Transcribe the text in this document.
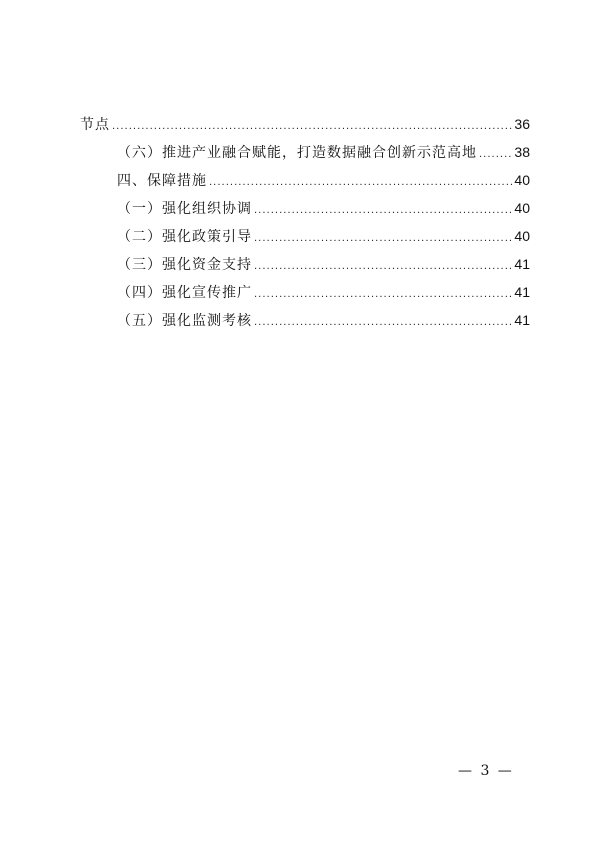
节点 .....	36
（六）推进产业融合赋能，打造数据融合创新示范高地 .....	38
四、保障措施 .....	40
（一）强化组织协调 .....	40
（二）强化政策引导 .....	40
（三）强化资金支持 .....	41
（四）强化宣传推广 .....	41
（五）强化监测考核 .....	41
— 3 —
